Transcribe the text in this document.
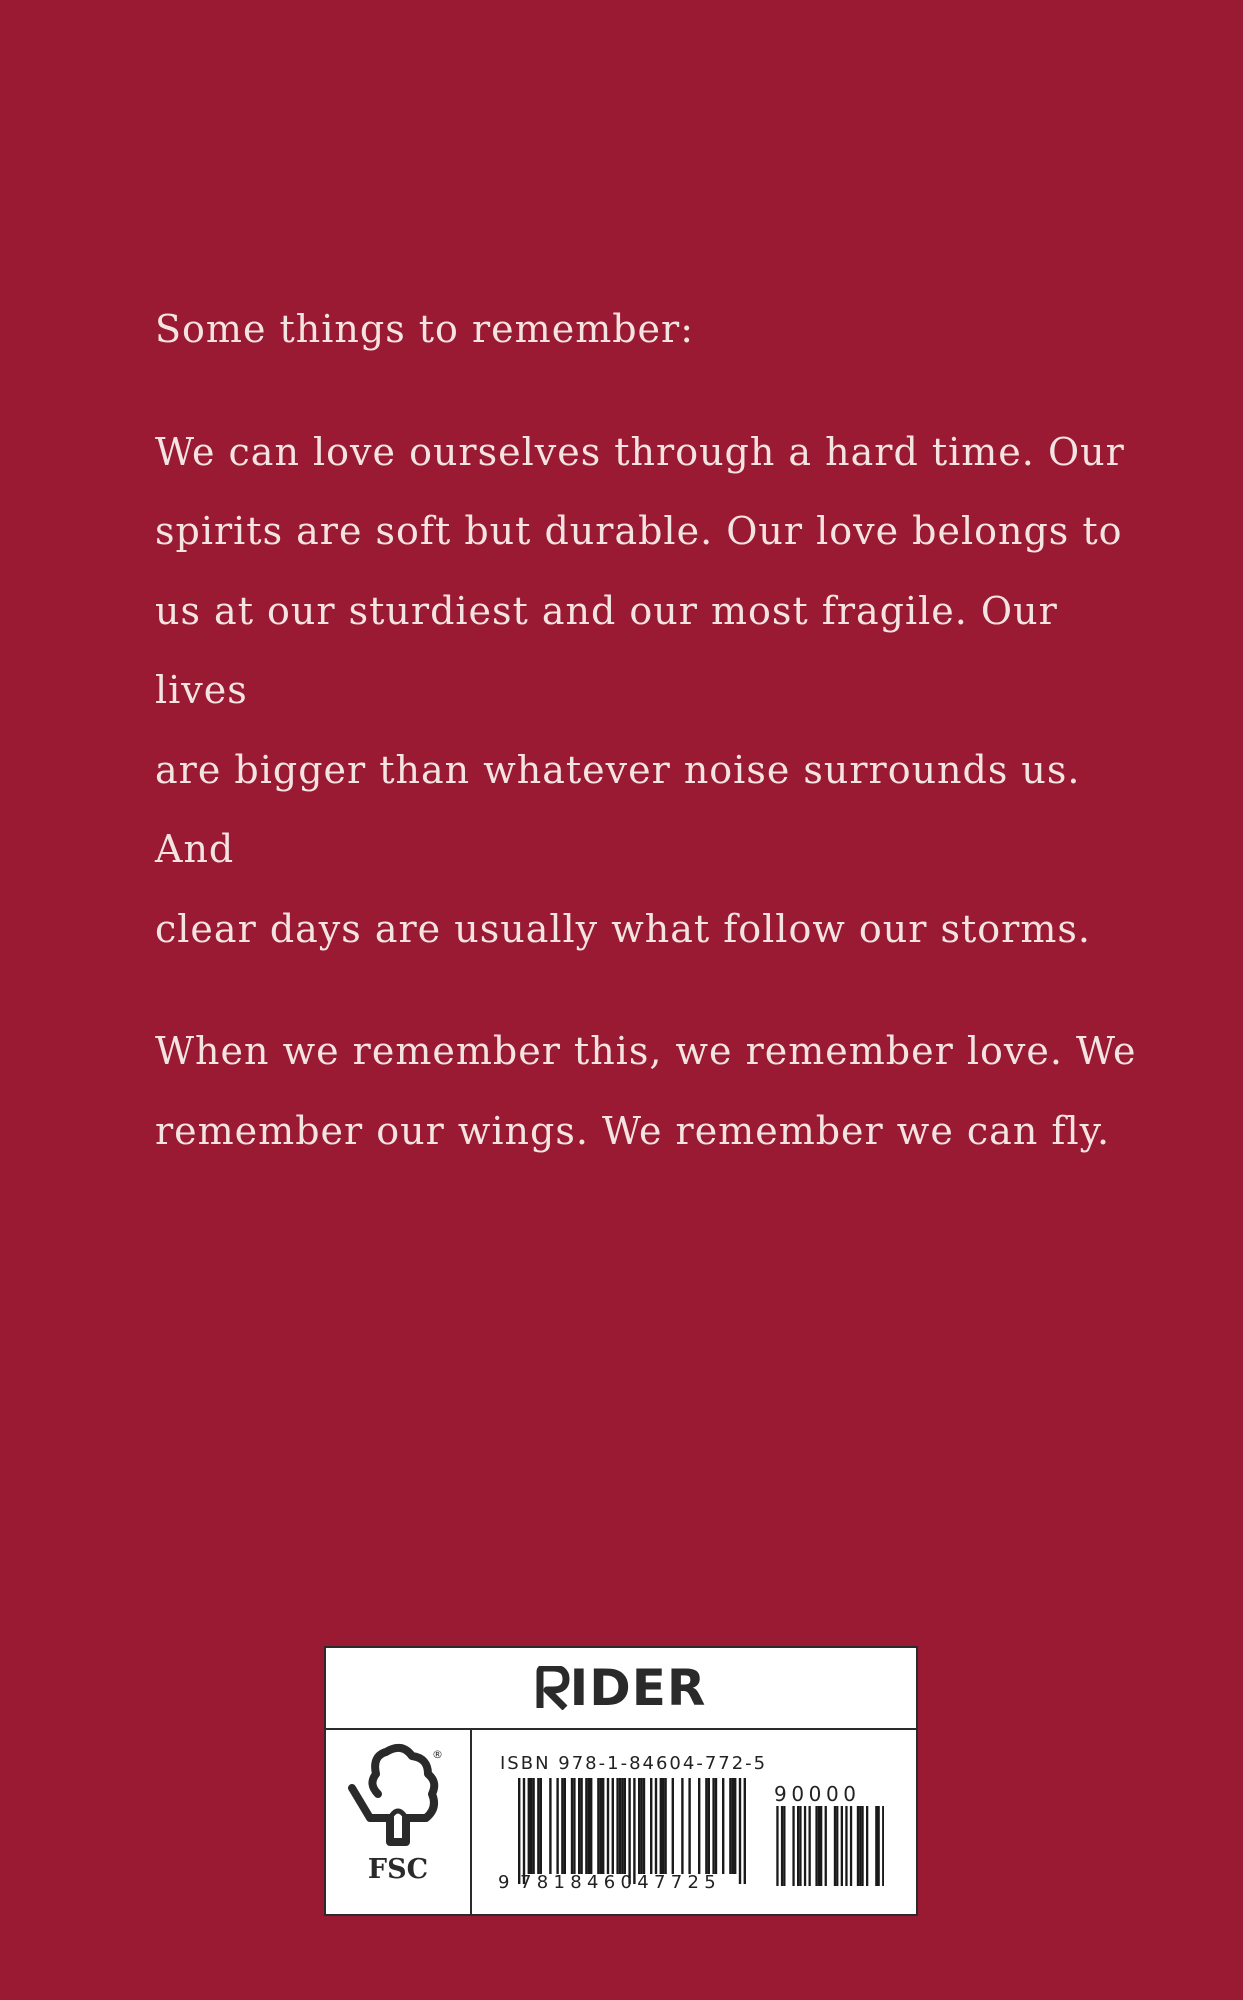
Some things to remember:

We can love ourselves through a hard time. Our
spirits are soft but durable. Our love belongs to
us at our sturdiest and our most fragile. Our lives
are bigger than whatever noise surrounds us. And
clear days are usually what follow our storms.

When we remember this, we remember love. We
remember our wings. We remember we can fly.

IDER
®
FSC
ISBN 978-1-84604-772-5
90000
9 781846047725
